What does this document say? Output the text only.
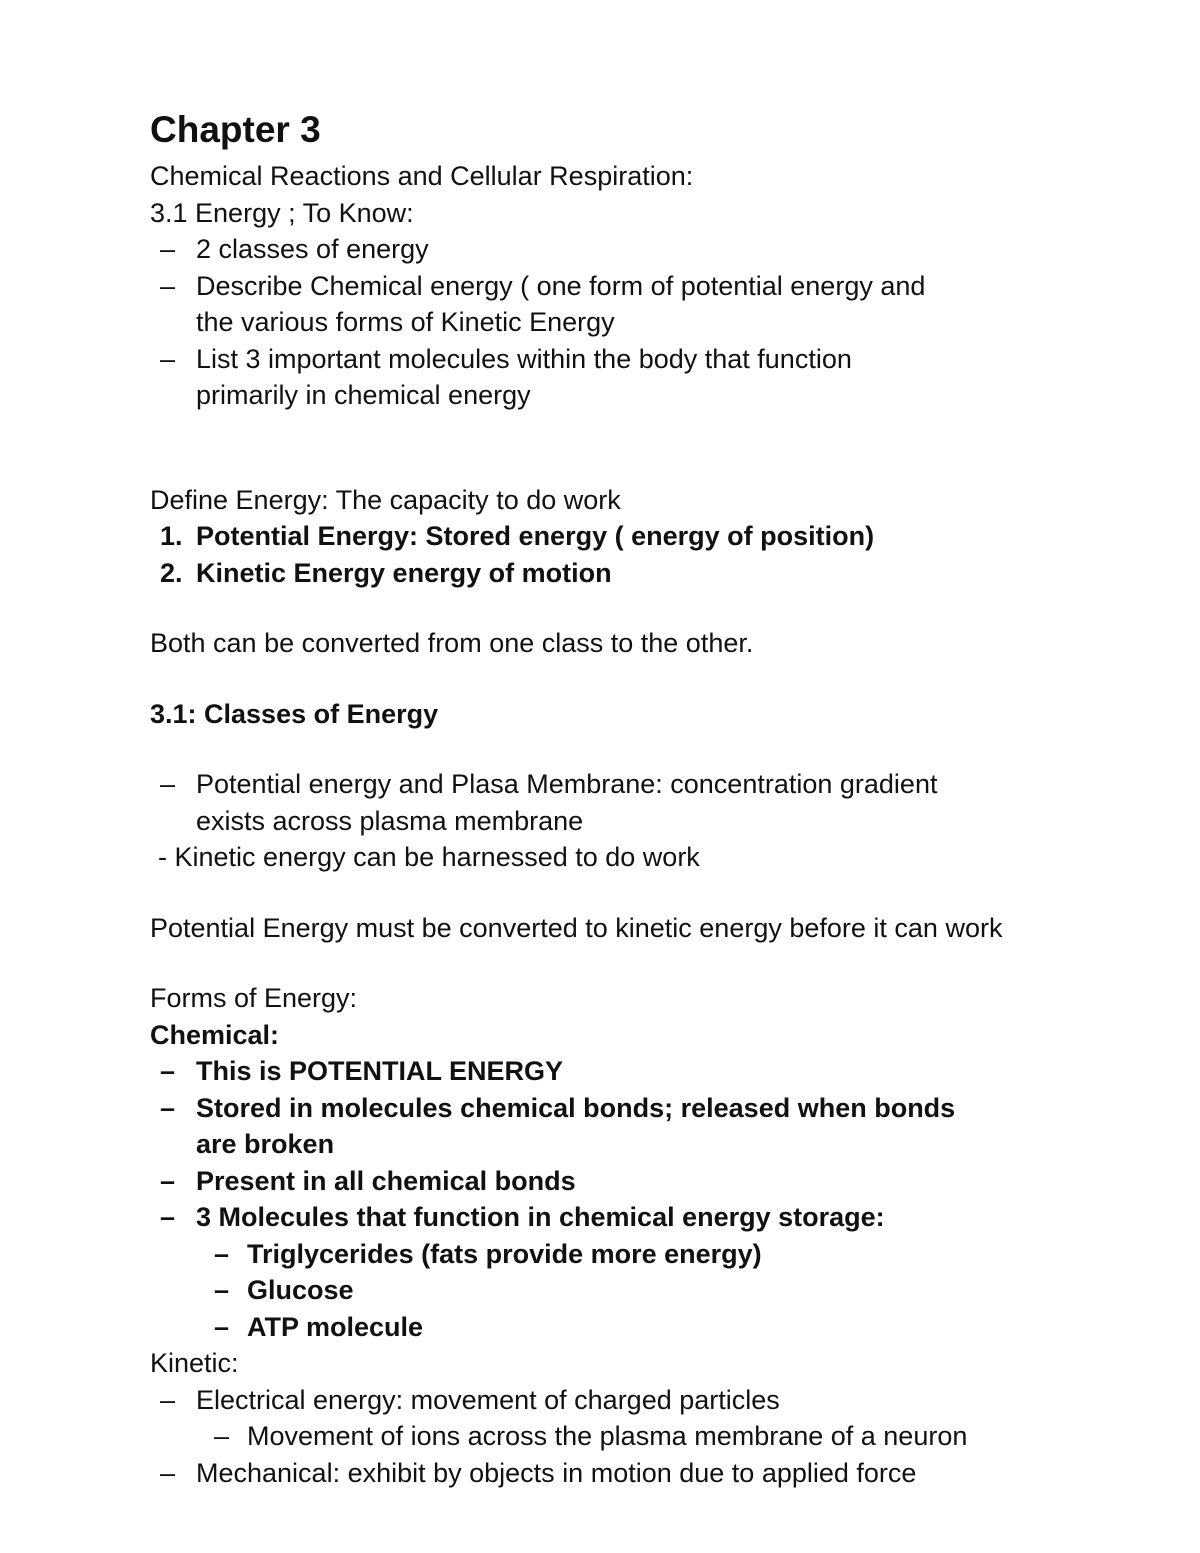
Chapter 3
Chemical Reactions and Cellular Respiration:
3.1 Energy ; To Know:
– 2 classes of energy
– Describe Chemical energy ( one form of potential energy and
the various forms of Kinetic Energy
– List 3 important molecules within the body that function
primarily in chemical energy
Define Energy: The capacity to do work
1. Potential Energy: Stored energy ( energy of position)
2. Kinetic Energy energy of motion
Both can be converted from one class to the other.
3.1: Classes of Energy
– Potential energy and Plasa Membrane: concentration gradient
exists across plasma membrane
- Kinetic energy can be harnessed to do work
Potential Energy must be converted to kinetic energy before it can work
Forms of Energy:
Chemical:
– This is POTENTIAL ENERGY
– Stored in molecules chemical bonds; released when bonds
are broken
– Present in all chemical bonds
– 3 Molecules that function in chemical energy storage:
– Triglycerides (fats provide more energy)
– Glucose
– ATP molecule
Kinetic:
– Electrical energy: movement of charged particles
– Movement of ions across the plasma membrane of a neuron
– Mechanical: exhibit by objects in motion due to applied force
